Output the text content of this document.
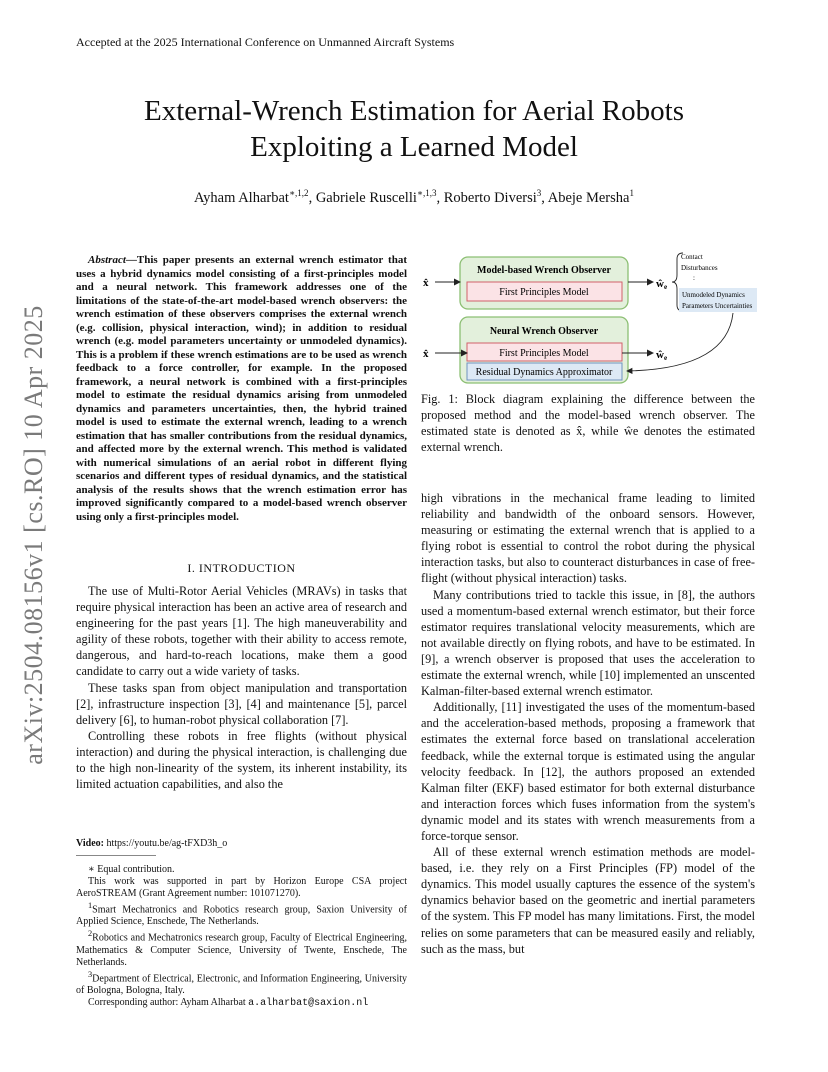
Accepted at the 2025 International Conference on Unmanned Aircraft Systems
External-Wrench Estimation for Aerial Robots
Exploiting a Learned Model
Ayham Alharbat$^{∗,1,2}$, Gabriele Ruscelli$^{∗,1,3}$, Roberto Diversi$^3$, Abeje Mersha$^1$
arXiv:2504.08156v1 [cs.RO] 10 Apr 2025
Abstract—This paper presents an external wrench estimator that uses a hybrid dynamics model consisting of a first-principles model and a neural network. This framework addresses one of the limitations of the state-of-the-art model-based wrench observers: the wrench estimation of these observers comprises the external wrench (e.g. collision, physical interaction, wind); in addition to residual wrench (e.g. model parameters uncertainty or unmodeled dynamics). This is a problem if these wrench estimations are to be used as wrench feedback to a force controller, for example. In the proposed framework, a neural network is combined with a first-principles model to estimate the residual dynamics arising from unmodeled dynamics and parameters uncertainties, then, the hybrid trained model is used to estimate the external wrench, leading to a wrench estimation that has smaller contributions from the residual dynamics, and affected more by the external wrench. This method is validated with numerical simulations of an aerial robot in different flying scenarios and different types of residual dynamics, and the statistical analysis of the results shows that the wrench estimation error has improved significantly compared to a model-based wrench observer using only a first-principles model.
I. INTRODUCTION

The use of Multi-Rotor Aerial Vehicles (MRAVs) in tasks that require physical interaction has been an active area of research and engineering for the past years [1]. The high maneuverability and agility of these robots, together with their ability to access remote, dangerous, and hard-to-reach locations, make them a good candidate to carry out a wide variety of tasks.

These tasks span from object manipulation and transportation [2], infrastructure inspection [3], [4] and maintenance [5], parcel delivery [6], to human-robot physical collaboration [7].

Controlling these robots in free flights (without physical interaction) and during the physical interaction, is challenging due to the high non-linearity of the system, its inherent instability, its limited actuation capabilities, and also the

Video: https://youtu.be/ag-tFXD3h_o

∗ Equal contribution.

This work was supported in part by Horizon Europe CSA project AeroSTREAM (Grant Agreement number: 101071270).

$^1$Smart Mechatronics and Robotics research group, Saxion University of Applied Science, Enschede, The Netherlands.

$^2$Robotics and Mechatronics research group, Faculty of Electrical Engineering, Mathematics & Computer Science, University of Twente, Enschede, The Netherlands.

$^3$Department of Electrical, Electronic, and Information Engineering, University of Bologna, Bologna, Italy.

Corresponding author: Ayham Alharbat a.alharbat@saxion.nl

Model-based Wrench Observer
First Principles Model
x̂	ŵe
Contact
Disturbances
:
Unmodeled Dynamics
Parameters Uncertainties
Neural Wrench Observer
First Principles Model
Residual Dynamics Approximator
x̂	ŵe
Fig. 1: Block diagram explaining the difference between the proposed method and the model-based wrench observer. The estimated state is denoted as x̂, while ŵe denotes the estimated external wrench.

high vibrations in the mechanical frame leading to limited reliability and bandwidth of the onboard sensors. However, measuring or estimating the external wrench that is applied to a flying robot is essential to control the robot during the physical interaction tasks, but also to counteract disturbances in case of free-flight (without physical interaction) tasks.

Many contributions tried to tackle this issue, in [8], the authors used a momentum-based external wrench estimator, but their force estimator requires translational velocity measurements, which are not available directly on flying robots, and have to be estimated. In [9], a wrench observer is proposed that uses the acceleration to estimate the external wrench, while [10] implemented an unscented Kalman-filter-based external wrench estimator.

Additionally, [11] investigated the uses of the momentum-based and the acceleration-based methods, proposing a framework that estimates the external force based on translational acceleration feedback, while the external torque is estimated using the angular velocity feedback. In [12], the authors proposed an extended Kalman filter (EKF) based estimator for both external disturbance and interaction forces which fuses information from the system's dynamic model and its states with wrench measurements from a force-torque sensor.

All of these external wrench estimation methods are model-based, i.e. they rely on a First Principles (FP) model of the dynamics. This model usually captures the essence of the system's dynamics behavior based on the geometric and inertial parameters of the system. This FP model has many limitations. First, the model relies on some parameters that can be measured easily and reliably, such as the mass, but
